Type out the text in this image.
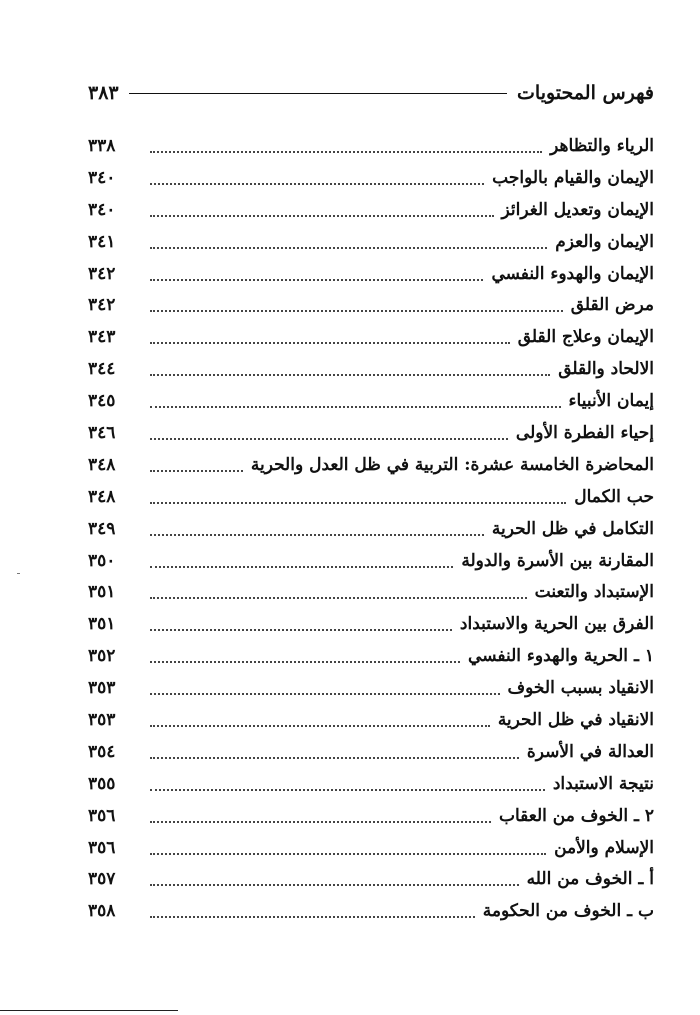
فهرس المحتويات
٣٨٣
الرياء والتظاهر
٣٣٨
الإيمان والقيام بالواجب
٣٤٠
الإيمان وتعديل الغرائز
٣٤٠
الإيمان والعزم
٣٤١
الإيمان والهدوء النفسي
٣٤٢
مرض القلق
٣٤٢
الإيمان وعلاج القلق
٣٤٣
الالحاد والقلق
٣٤٤
إيمان الأنبياء
٣٤٥
إحياء الفطرة الأولى
٣٤٦
المحاضرة الخامسة عشرة: التربية في ظل العدل والحرية
٣٤٨
حب الكمال
٣٤٨
التكامل في ظل الحرية
٣٤٩
المقارنة بين الأسرة والدولة
٣٥٠
الإستبداد والتعنت
٣٥١
الفرق بين الحرية والاستبداد
٣٥١
١ ـ الحرية والهدوء النفسي
٣٥٢
الانقياد بسبب الخوف
٣٥٣
الانقياد في ظل الحرية
٣٥٣
العدالة في الأسرة
٣٥٤
نتيجة الاستبداد
٣٥٥
٢ ـ الخوف من العقاب
٣٥٦
الإسلام والأمن
٣٥٦
أ ـ الخوف من الله
٣٥٧
ب ـ الخوف من الحكومة
٣٥٨
